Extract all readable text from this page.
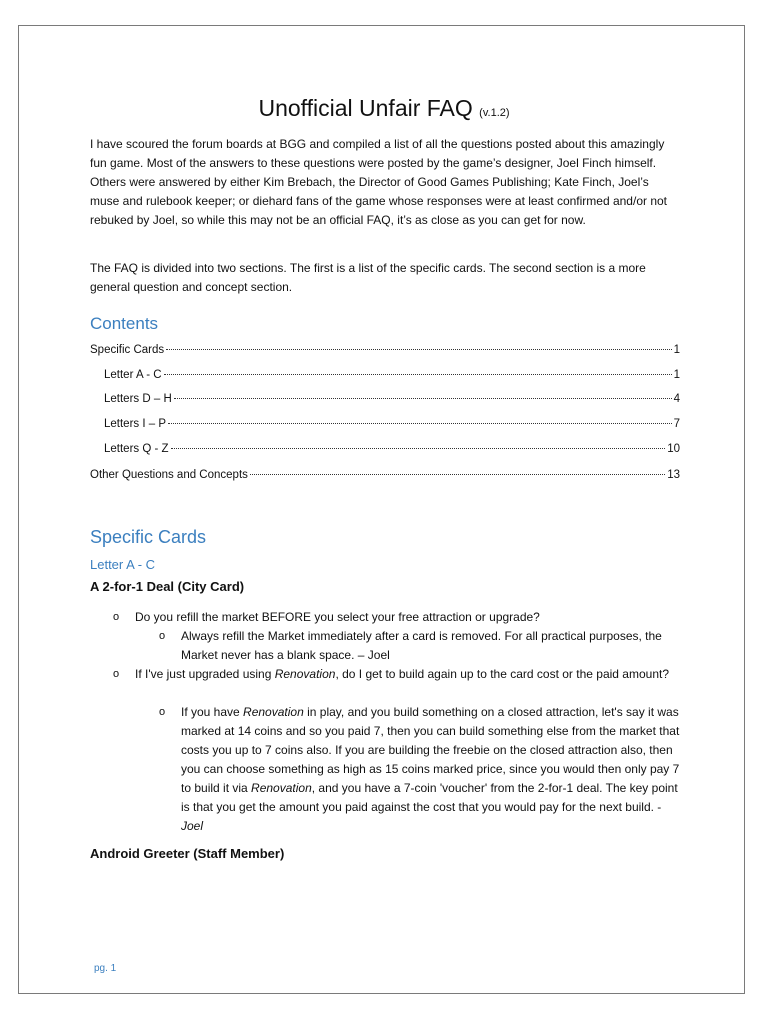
Unofficial Unfair FAQ (v.1.2)

I have scoured the forum boards at BGG and compiled a list of all the questions posted about this amazingly fun game. Most of the answers to these questions were posted by the game’s designer, Joel Finch himself. Others were answered by either Kim Brebach, the Director of Good Games Publishing; Kate Finch, Joel’s muse and rulebook keeper; or diehard fans of the game whose responses were at least confirmed and/or not rebuked by Joel, so while this may not be an official FAQ, it’s as close as you can get for now.

The FAQ is divided into two sections. The first is a list of the specific cards. The second section is a more general question and concept section.

Contents
Specific Cards	1
Letter A - C	1
Letters D – H	4
Letters I – P	7
Letters Q - Z	10
Other Questions and Concepts	13
Specific Cards
Letter A - C
A 2-for-1 Deal (City Card)
o Do you refill the market BEFORE you select your free attraction or upgrade?
o Always refill the Market immediately after a card is removed. For all practical purposes, the Market never has a blank space. – Joel
o If I've just upgraded using Renovation, do I get to build again up to the card cost or the paid amount?
o If you have Renovation in play, and you build something on a closed attraction, let's say it was marked at 14 coins and so you paid 7, then you can build something else from the market that costs you up to 7 coins also. If you are building the freebie on the closed attraction also, then you can choose something as high as 15 coins marked price, since you would then only pay 7 to build it via Renovation, and you have a 7-coin 'voucher' from the 2-for-1 deal. The key point is that you get the amount you paid against the cost that you would pay for the next build. - Joel
Android Greeter (Staff Member)
pg. 1
